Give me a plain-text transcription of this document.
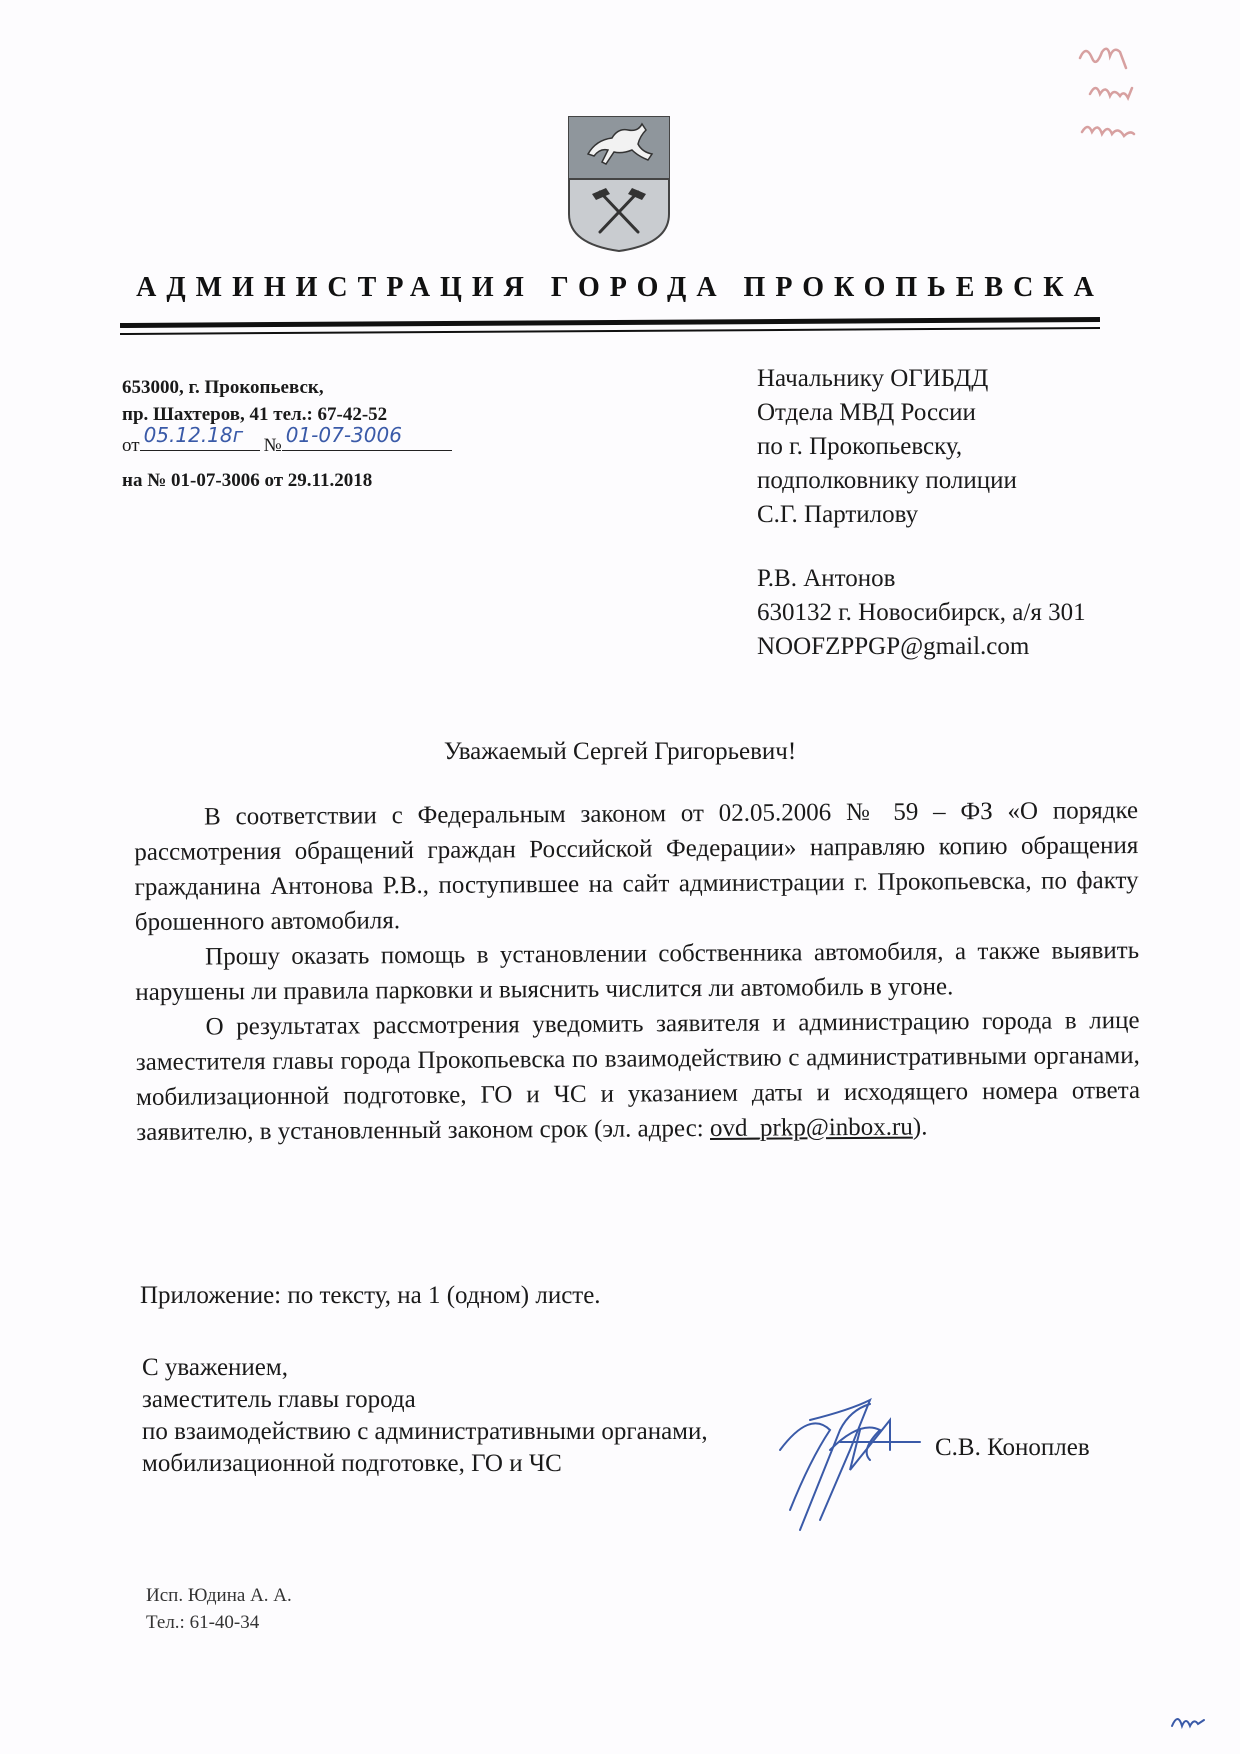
АДМИНИСТРАЦИЯ ГОРОДА ПРОКОПЬЕВСКА
653000, г. Прокопьевск,
пр. Шахтеров, 41 тел.: 67-42-52
от 05.12.18г № 01-07-3006
на № 01-07-3006 от 29.11.2018
Начальнику ОГИБДД
Отдела МВД России
по г. Прокопьевску,
подполковнику полиции
С.Г. Партилову
Р.В. Антонов
630132 г. Новосибирск, а/я 301
NOOFZPPGP@gmail.com
Уважаемый Сергей Григорьевич!

В соответствии с Федеральным законом от 02.05.2006 № 59 – ФЗ «О порядке рассмотрения обращений граждан Российской Федерации» направляю копию обращения гражданина Антонова Р.В., поступившее на сайт администрации г. Прокопьевска, по факту брошенного автомобиля.

Прошу оказать помощь в установлении собственника автомобиля, а также выявить нарушены ли правила парковки и выяснить числится ли автомобиль в угоне.

О результатах рассмотрения уведомить заявителя и администрацию города в лице заместителя главы города Прокопьевска по взаимодействию с административными органами, мобилизационной подготовке, ГО и ЧС и указанием даты и исходящего номера ответа заявителю, в установленный законом срок (эл. адрес: ovd_prkp@inbox.ru).

Приложение: по тексту, на 1 (одном) листе.
С уважением,
заместитель главы города
по взаимодействию с административными органами,
мобилизационной подготовке, ГО и ЧС
С.В. Коноплев
Исп. Юдина А. А.
Тел.: 61-40-34
